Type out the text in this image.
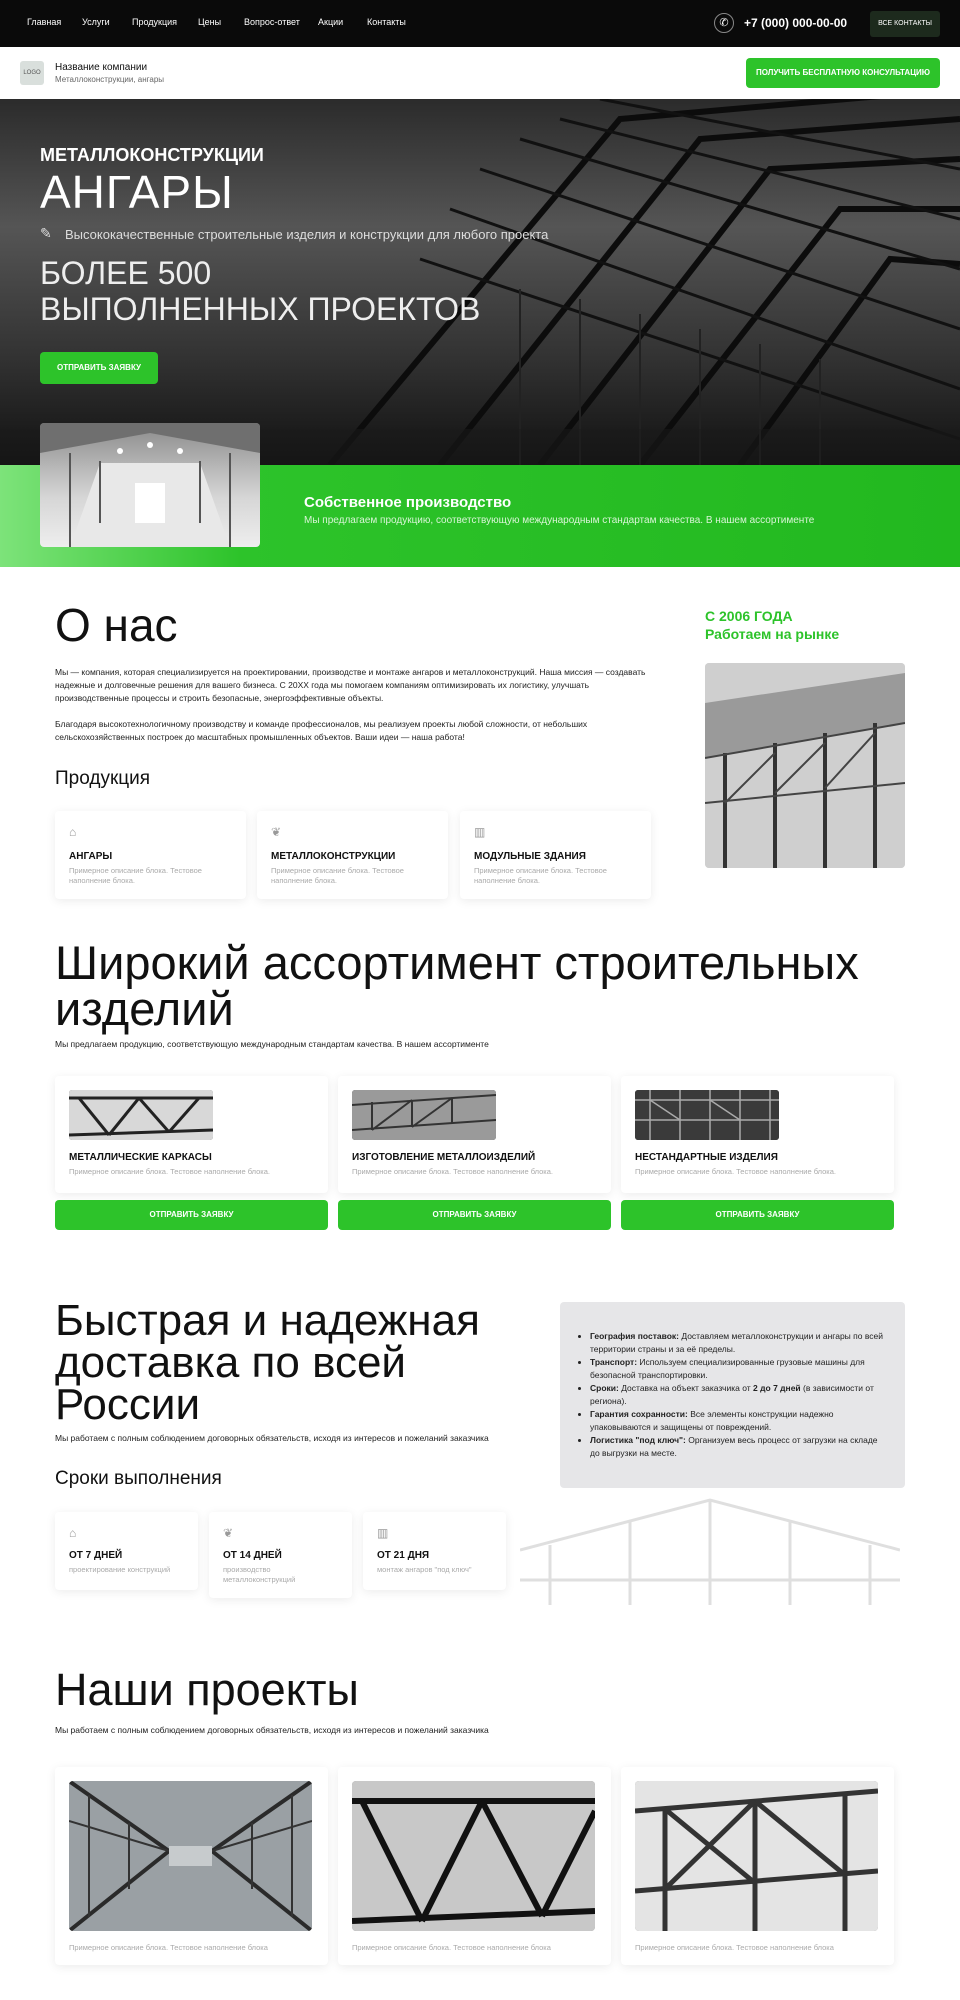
Главная Услуги Продукция Цены	Вопрос-ответ Акции	Контакты	✆	+7 (000) 000-00-00	ВСЕ КОНТАКТЫ
LOGO	Название компании
Металлоконструкции, ангары
ПОЛУЧИТЬ БЕСПЛАТНУЮ КОНСУЛЬТАЦИЮ
МЕТАЛЛОКОНСТРУКЦИИ
АНГАРЫ
✎ Высококачественные строительные изделия и конструкции для любого проекта
БОЛЕЕ 500
ВЫПОЛНЕННЫХ ПРОЕКТОВ
ОТПРАВИТЬ ЗАЯВКУ
Собственное производство
Мы предлагаем продукцию, соответствующую международным стандартам качества. В нашем ассортименте
О нас
Мы — компания, которая специализируется на проектировании, производстве и монтаже ангаров и металлоконструкций. Наша миссия — создавать надежные и долговечные решения для вашего бизнеса. С 20ХХ года мы помогаем компаниям оптимизировать их логистику, улучшать производственные процессы и строить безопасные, энергоэффективные объекты.
Благодаря высокотехнологичному производству и команде профессионалов, мы реализуем проекты любой сложности, от небольших сельскохозяйственных построек до масштабных промышленных объектов. Ваши идеи — наша работа!
С 2006 ГОДА
Работаем на рынке
Продукция
⌂
АНГАРЫ
Примерное описание блока. Тестовое наполнение блока.
❦
МЕТАЛЛОКОНСТРУКЦИИ
Примерное описание блока. Тестовое наполнение блока.
▥
МОДУЛЬНЫЕ ЗДАНИЯ
Примерное описание блока. Тестовое наполнение блока.
Широкий ассортимент строительных изделий
Мы предлагаем продукцию, соответствующую международным стандартам качества. В нашем ассортименте
МЕТАЛЛИЧЕСКИЕ КАРКАСЫ
Примерное описание блока. Тестовое наполнение блока.
ИЗГОТОВЛЕНИЕ МЕТАЛЛОИЗДЕЛИЙ
Примерное описание блока. Тестовое наполнение блока.
НЕСТАНДАРТНЫЕ ИЗДЕЛИЯ
Примерное описание блока. Тестовое наполнение блока.
ОТПРАВИТЬ ЗАЯВКУ	ОТПРАВИТЬ ЗАЯВКУ	ОТПРАВИТЬ ЗАЯВКУ
Быстрая и надежная доставка по всей России
Мы работаем с полным соблюдением договорных обязательств, исходя из интересов и пожеланий заказчика
• География поставок: Доставляем металлоконструкции и ангары по всей территории страны и за её пределы.
• Транспорт: Используем специализированные грузовые машины для безопасной транспортировки.
• Сроки: Доставка на объект заказчика от 2 до 7 дней (в зависимости от региона).
• Гарантия сохранности: Все элементы конструкции надежно упаковываются и защищены от повреждений.
• Логистика "под ключ": Организуем весь процесс от загрузки на складе до выгрузки на месте.
Сроки выполнения
⌂
ОТ 7 ДНЕЙ
проектирование конструкций
❦
ОТ 14 ДНЕЙ
производство металлоконструкций
▥
ОТ 21 ДНЯ
монтаж ангаров "под ключ"
Наши проекты
Мы работаем с полным соблюдением договорных обязательств, исходя из интересов и пожеланий заказчика
Примерное описание блока. Тестовое наполнение блока	Примерное описание блока. Тестовое наполнение блока	Примерное описание блока. Тестовое наполнение блока
